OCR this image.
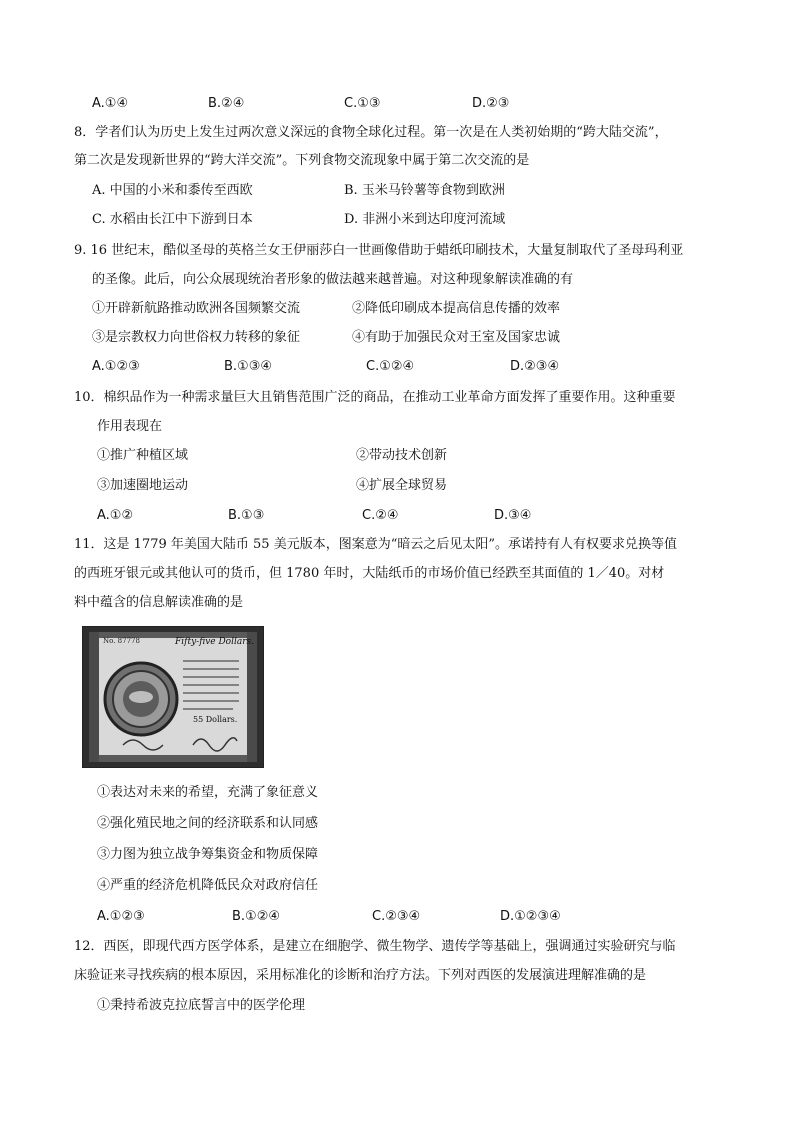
A.①④	B.②④	C.①③	D.②③
8．学者们认为历史上发生过两次意义深远的食物全球化过程。第一次是在人类初始期的“跨大陆交流”，
第二次是发现新世界的“跨大洋交流”。下列食物交流现象中属于第二次交流的是
A. 中国的小米和黍传至西欧	B. 玉米马铃薯等食物到欧洲
C. 水稻由长江中下游到日本	D. 非洲小米到达印度河流域
9. 16 世纪末，酷似圣母的英格兰女王伊丽莎白一世画像借助于蜡纸印刷技术，大量复制取代了圣母玛利亚
的圣像。此后，向公众展现统治者形象的做法越来越普遍。对这种现象解读准确的有
①开辟新航路推动欧洲各国频繁交流	②降低印刷成本提高信息传播的效率
③是宗教权力向世俗权力转移的象征	④有助于加强民众对王室及国家忠诚
A.①②③	B.①③④	C.①②④	D.②③④
10．棉织品作为一种需求量巨大且销售范围广泛的商品，在推动工业革命方面发挥了重要作用。这种重要
作用表现在
①推广种植区域	②带动技术创新
③加速圈地运动	④扩展全球贸易
A.①②	B.①③	C.②④	D.③④
11．这是 1779 年美国大陆币 55 美元版本，图案意为“暗云之后见太阳”。承诺持有人有权要求兑换等值
的西班牙银元或其他认可的货币，但 1780 年时，大陆纸币的市场价值已经跌至其面值的 1／40。对材
料中蕴含的信息解读准确的是
No. 87778	Fifty-five Dollars.
55 Dollars.
①表达对未来的希望，充满了象征意义
②强化殖民地之间的经济联系和认同感
③力图为独立战争筹集资金和物质保障
④严重的经济危机降低民众对政府信任
A.①②③	B.①②④	C.②③④	D.①②③④
12．西医，即现代西方医学体系，是建立在细胞学、微生物学、遗传学等基础上，强调通过实验研究与临
床验证来寻找疾病的根本原因，采用标准化的诊断和治疗方法。下列对西医的发展演进理解准确的是
①秉持希波克拉底誓言中的医学伦理
